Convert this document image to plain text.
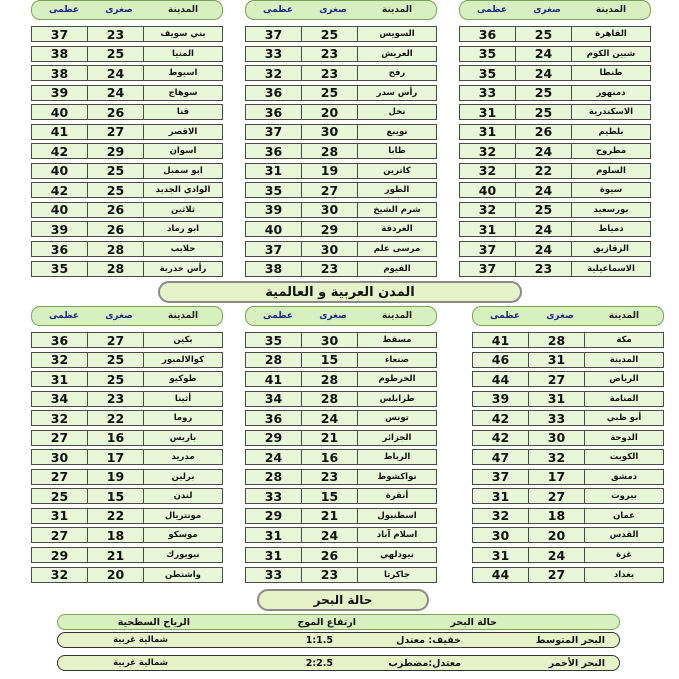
المدينة
صغرى
عظمى
القاهرة
25
36
شبين الكوم
24
35
طنطا
24
35
دمنهور
25
33
الاسكندرية
25
31
بلطيم
26
31
مطروح
24
32
السلوم
22
32
سيوة
24
40
بورسعيد
25
32
دمياط
24
31
الزقازيق
24
37
الاسماعيلية
23
37
المدينة
صغرى
عظمى
السويس
25
37
العريش
23
33
رفح
23
32
رأس سدر
25
36
نخل
20
36
نويبع
30
37
طابا
28
36
كاترين
19
31
الطور
27
35
شرم الشيخ
30
39
الغردقة
29
40
مرسى علم
30
37
الفيوم
23
38
المدينة
صغرى
عظمى
بني سويف
23
37
المنيا
25
38
اسيوط
24
38
سوهاج
24
39
قنا
26
40
الاقصر
27
41
اسوان
29
42
ابو سمبل
25
40
الوادي الجديد
25
42
ثلاثين
26
40
ابو رماد
26
39
حلايب
28
36
رأس حدربة
28
35
المدن العربية و العالمية
المدينة
صغرى
عظمى
مكة
28
41
المدينة
31
46
الرياض
27
44
المنامة
31
39
أبو ظبي
33
42
الدوحة
30
42
الكويت
32
47
دمشق
17
37
بيروت
27
31
عمان
18
32
القدس
20
30
غزة
24
31
بغداد
27
44
المدينة
صغرى
عظمى
مسقط
30
35
صنعاء
15
28
الخرطوم
28
41
طرابلس
28
34
تونس
24
36
الجزائر
21
29
الرباط
16
24
نواكشوط
23
28
أنقرة
15
33
اسطنبول
21
29
اسلام آباد
24
31
نيودلهي
26
31
جاكرتا
23
33
المدينة
صغرى
عظمى
بكين
27
36
كوالالمبور
25
32
طوكيو
25
31
أثينا
23
34
روما
22
32
باريس
16
27
مدريد
17
30
برلين
19
27
لندن
15
25
مونتريال
22
31
موسكو
18
27
نيويورك
21
29
واشنطن
20
32
حالة البحر
حالة البحر
ارتفاع الموج
الرياح السطحية
البحر المتوسط
خفيف: معتدل
1:1.5
شمالية غربية
البحر الأحمر
معتدل:مضطرب
2:2.5
شمالية غربية
